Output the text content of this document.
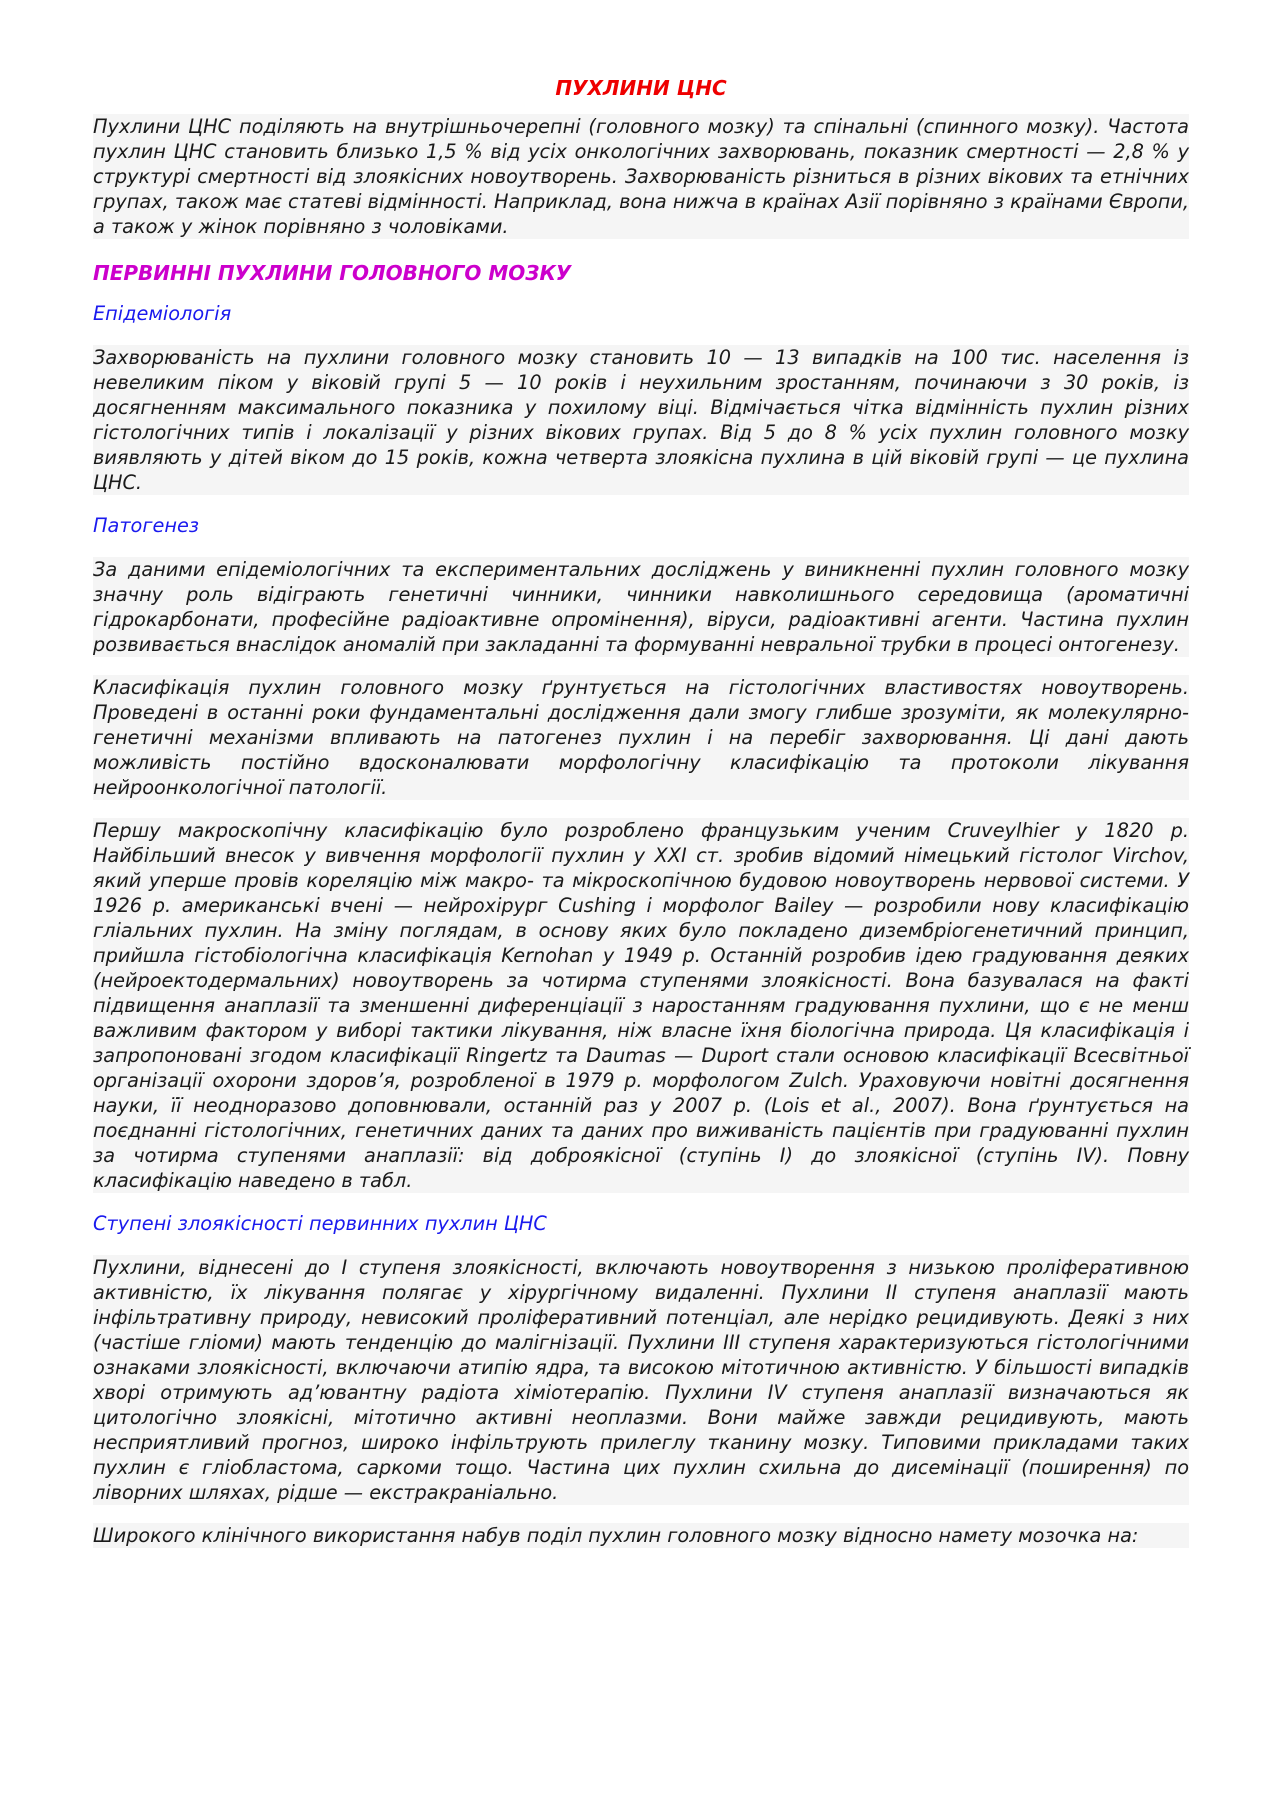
ПУХЛИНИ ЦНС

Пухлини ЦНС поділяють на внутрішньочерепні (головного мозку) та спінальні (спинного мозку). Частота пухлин ЦНС становить близько 1,5 % від усіх онкологічних захворювань, показник смертності — 2,8 % у структурі смертності від злоякісних новоутворень. Захворюваність різниться в різних вікових та етнічних групах, також має статеві відмінності. Наприклад, вона нижча в країнах Азії порівняно з країнами Європи, а також у жінок порівняно з чоловіками.

ПЕРВИННІ ПУХЛИНИ ГОЛОВНОГО МОЗКУ
Епідеміологія

Захворюваність на пухлини головного мозку становить 10 — 13 випадків на 100 тис. населення із невеликим піком у віковій групі 5 — 10 років і неухильним зростанням, починаючи з 30 років, із досягненням максимального показника у похилому віці. Відмічається чітка відмінність пухлин різних гістологічних типів і локалізації у різних вікових групах. Від 5 до 8 % усіх пухлин головного мозку виявляють у дітей віком до 15 років, кожна четверта злоякісна пухлина в цій віковій групі — це пухлина ЦНС.

Патогенез

За даними епідеміологічних та експериментальних досліджень у виникненні пухлин головного мозку значну роль відіграють генетичні чинники, чинники навколишнього середовища (ароматичні гідрокарбонати, професійне радіоактивне опромінення), віруси, радіоактивні агенти. Частина пухлин розвивається внаслідок аномалій при закладанні та формуванні невральної трубки в процесі онтогенезу.

Класифікація пухлин головного мозку ґрунтується на гістологічних властивостях новоутворень. Проведені в останні роки фундаментальні дослідження дали змогу глибше зрозуміти, як молекулярно-генетичні механізми впливають на патогенез пухлин і на перебіг захворювання. Ці дані дають можливість постійно вдосконалювати морфологічну класифікацію та протоколи лікування нейроонкологічної патології.

Першу макроскопічну класифікацію було розроблено французьким ученим Cruveylhier у 1820 р. Найбільший внесок у вивчення морфології пухлин у XXI ст. зробив відомий німецький гістолог Virchov, який уперше провів кореляцію між макро- та мікроскопічною будовою новоутворень нервової системи. У 1926 р. американські вчені — нейрохірург Cushing і морфолог Bailey — розробили нову класифікацію гліальних пухлин. На зміну поглядам, в основу яких було покладено дизембріогенетичний принцип, прийшла гістобіологічна класифікація Kernohan у 1949 р. Останній розробив ідею градуювання деяких (нейроектодермальних) новоутворень за чотирма ступенями злоякісності. Вона базувалася на факті підвищення анаплазії та зменшенні диференціації з наростанням градуювання пухлини, що є не менш важливим фактором у виборі тактики лікування, ніж власне їхня біологічна природа. Ця класифікація і запропоновані згодом класифікації Ringertz та Daumas — Duport стали основою класифікації Всесвітньої організації охорони здоров’я, розробленої в 1979 р. морфологом Zulch. Ураховуючи новітні досягнення науки, її неодноразово доповнювали, останній раз у 2007 р. (Lois et al., 2007). Вона ґрунтується на поєднанні гістологічних, генетичних даних та даних про виживаність пацієнтів при градуюванні пухлин за чотирма ступенями анаплазії: від доброякісної (ступінь I) до злоякісної (ступінь IV). Повну класифікацію наведено в табл.

Ступені злоякісності первинних пухлин ЦНС

Пухлини, віднесені до I ступеня злоякісності, включають новоутворення з низькою проліферативною активністю, їх лікування полягає у хірургічному видаленні. Пухлини II ступеня анаплазії мають інфільтративну природу, невисокий проліферативний потенціал, але нерідко рецидивують. Деякі з них (частіше гліоми) мають тенденцію до малігнізації. Пухлини III ступеня характеризуються гістологічними ознаками злоякісності, включаючи атипію ядра, та високою мітотичною активністю. У більшості випадків хворі отримують ад’ювантну радіота хіміотерапію. Пухлини IV ступеня анаплазії визначаються як цитологічно злоякісні, мітотично активні неоплазми. Вони майже завжди рецидивують, мають несприятливий прогноз, широко інфільтрують прилеглу тканину мозку. Типовими прикладами таких пухлин є гліобластома, саркоми тощо. Частина цих пухлин схильна до дисемінації (поширення) по ліворних шляхах, рідше — екстракраніально.

Широкого клінічного використання набув поділ пухлин головного мозку відносно намету мозочка на:
